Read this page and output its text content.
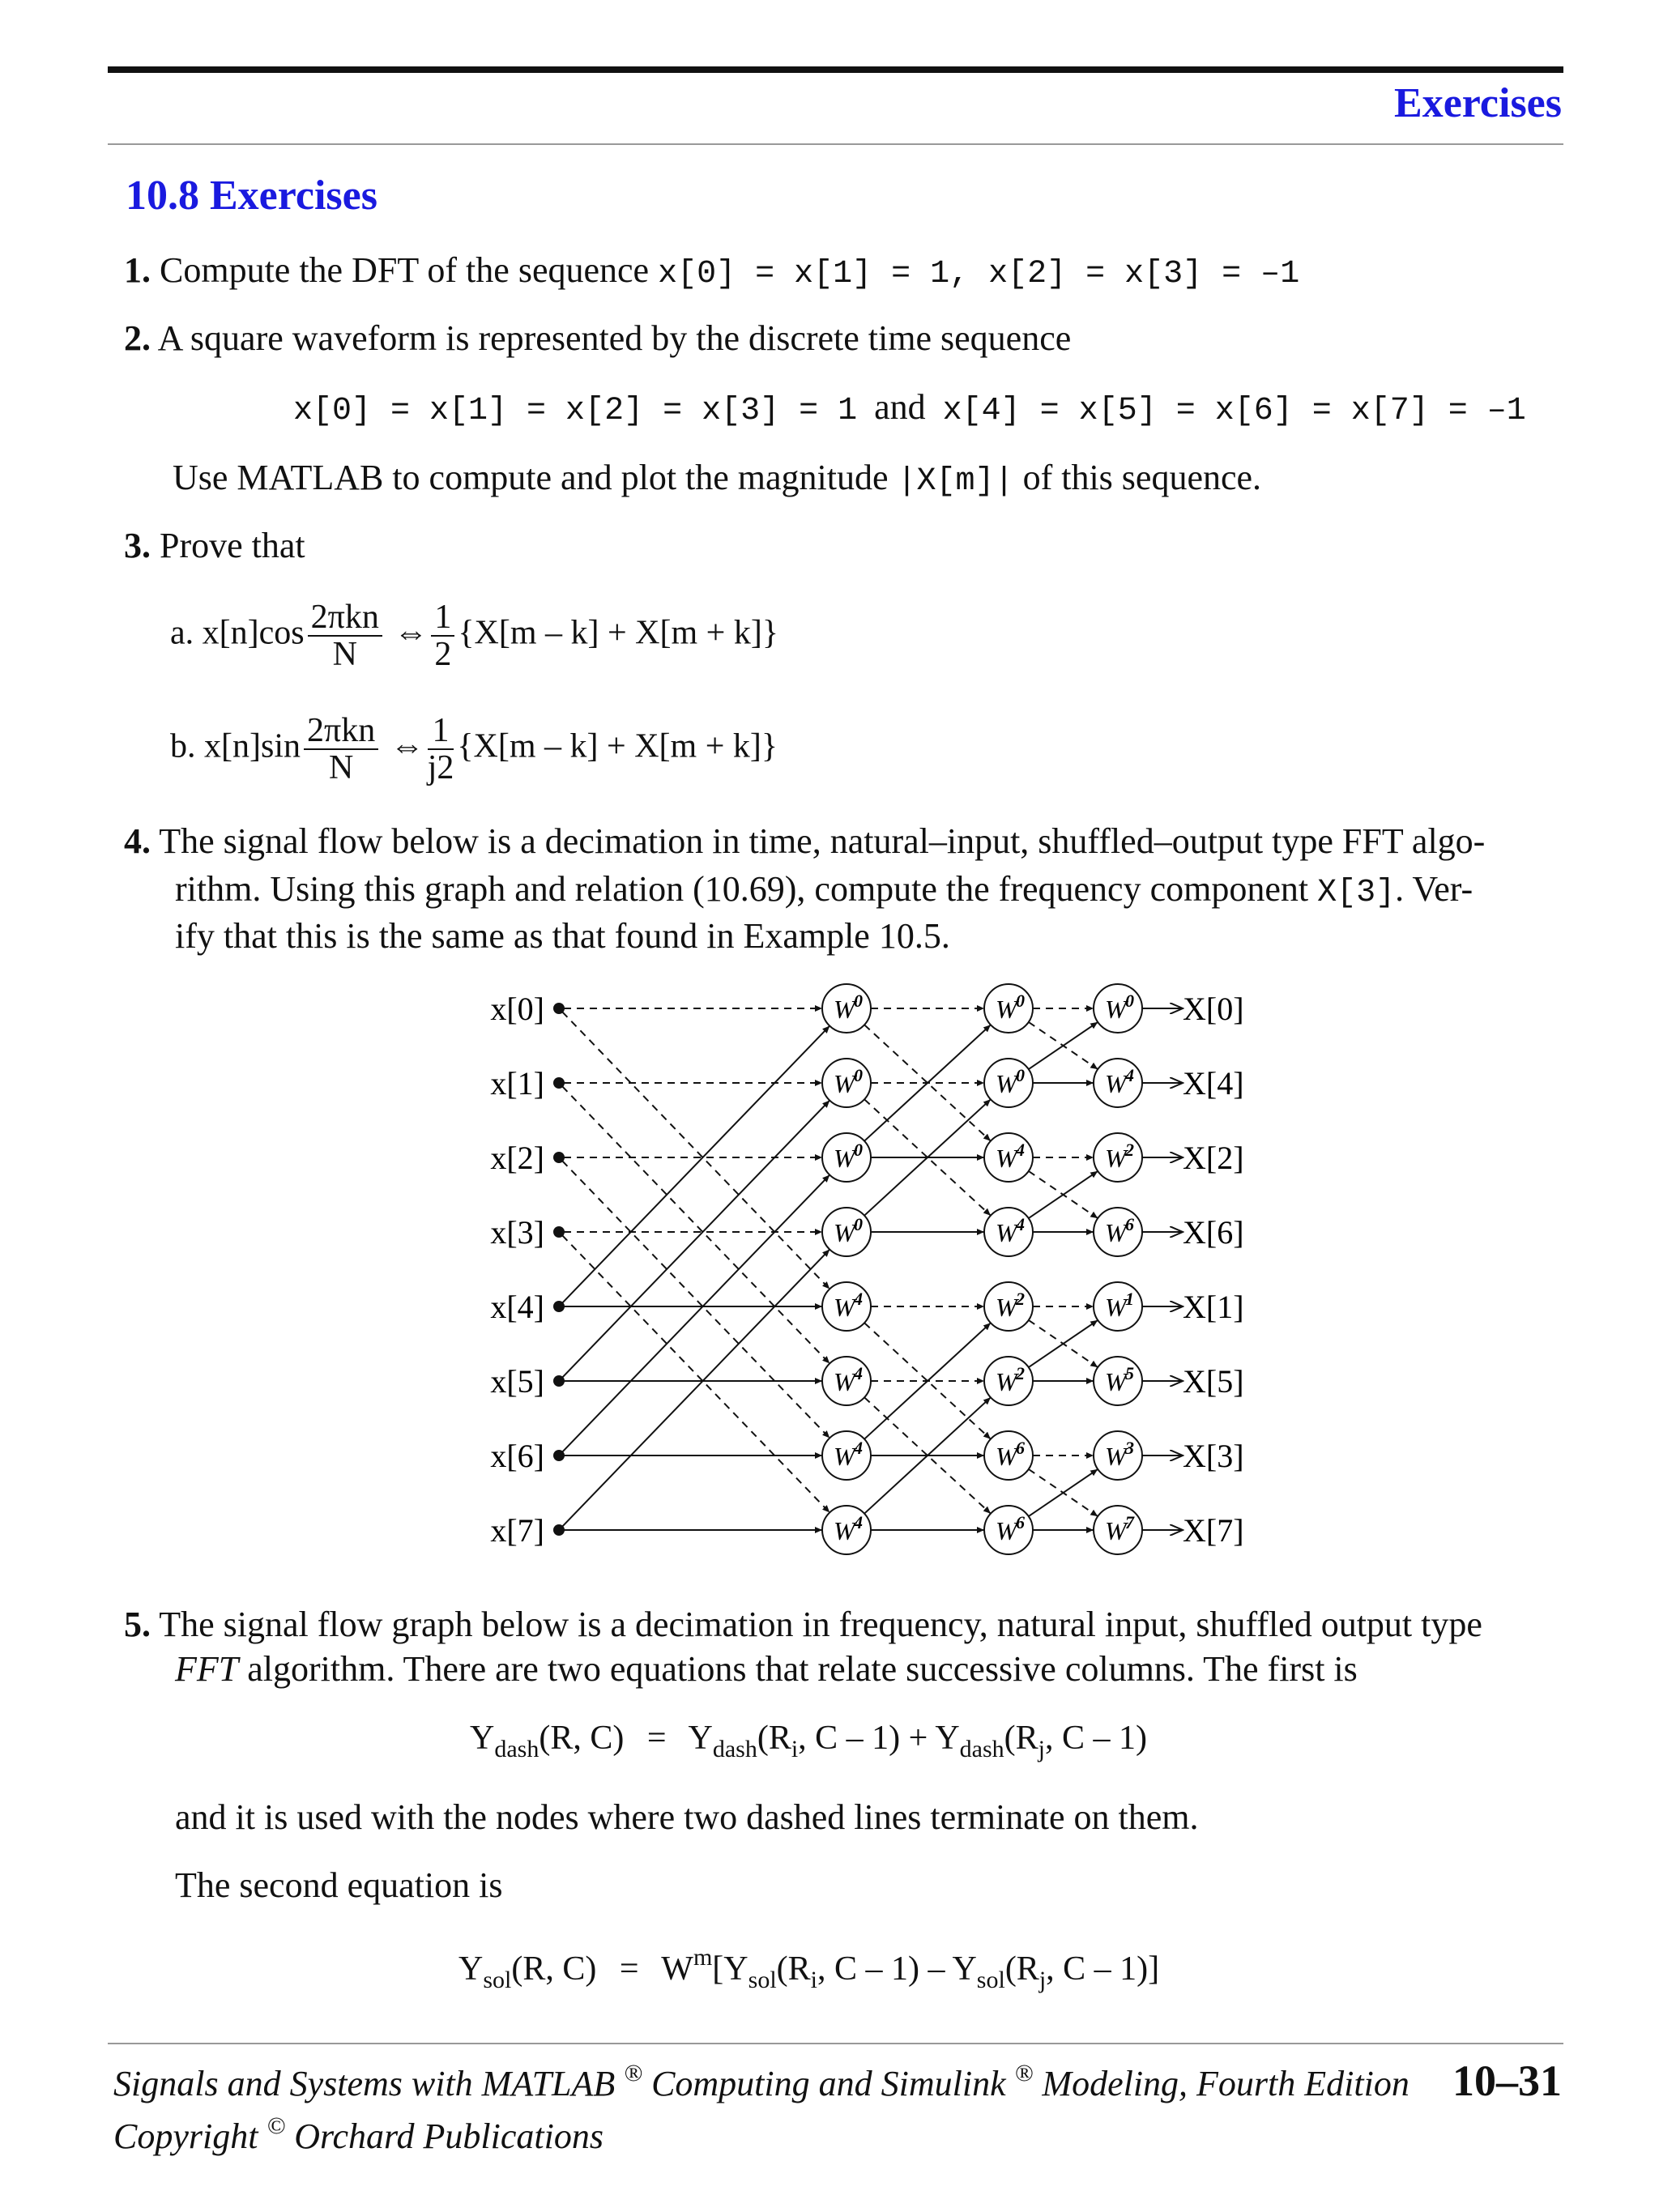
Exercises
10.8 Exercises
1. Compute the DFT of the sequence x[0] = x[1] = 1, x[2] = x[3] = –1
2. A square waveform is represented by the discrete time sequence
x[0] = x[1] = x[2] = x[3] = 1 and x[4] = x[5] = x[6] = x[7] = –1
Use MATLAB to compute and plot the magnitude |X[m]| of this sequence.
3. Prove that
a. $x[n]\cos \frac{\text{2πkn}}{N}$ ⇔ $\frac{1}{2} \{X[m - k] + X[m + k]\}$
b. $x[n]\sin \frac{\text{2πkn}}{N}$ ⇔ $\frac{1}{j2} \{X[m - k] + X[m + k]\}$
4. The signal flow below is a decimation in time, natural–input, shuffled–output type FFT algo-
rithm. Using this graph and relation (10.69), compute the frequency component X[3]. Ver-
ify that this is the same as that found in Example 10.5.
x[0]
x[1]
x[2]
x[3]
x[4]
x[5]
x[6]
x[7]
W
0
W
0
W
0
W
0
W
4
W
4
W
4
W
4
W
0
W
0
W
4
W
4
W
2
W
2
W
6
W
6
W
0
W
4
W
2
W
6
W
1
W
5
W
3
W
7
X[0]
X[4]
X[2]
X[6]
X[1]
X[5]
X[3]
X[7]
5. The signal flow graph below is a decimation in frequency, natural input, shuffled output type
FFT algorithm. There are two equations that relate successive columns. The first is
$Y_{dash}(R$, $C) = Y_{dash}(R_i$, $C - 1) + Y_{dash}(R_j$, C – 1)
and it is used with the nodes where two dashed lines terminate on them.
The second equation is
$Y_{sol}(R$, $C) = W^m[Y_{sol}(R_i$, C – $1) - Y_{sol}(R_j$, C – 1)]
Signals and Systems with MATLAB ® Computing and Simulink ® Modeling, Fourth Edition
Copyright © Orchard Publications
10–31
